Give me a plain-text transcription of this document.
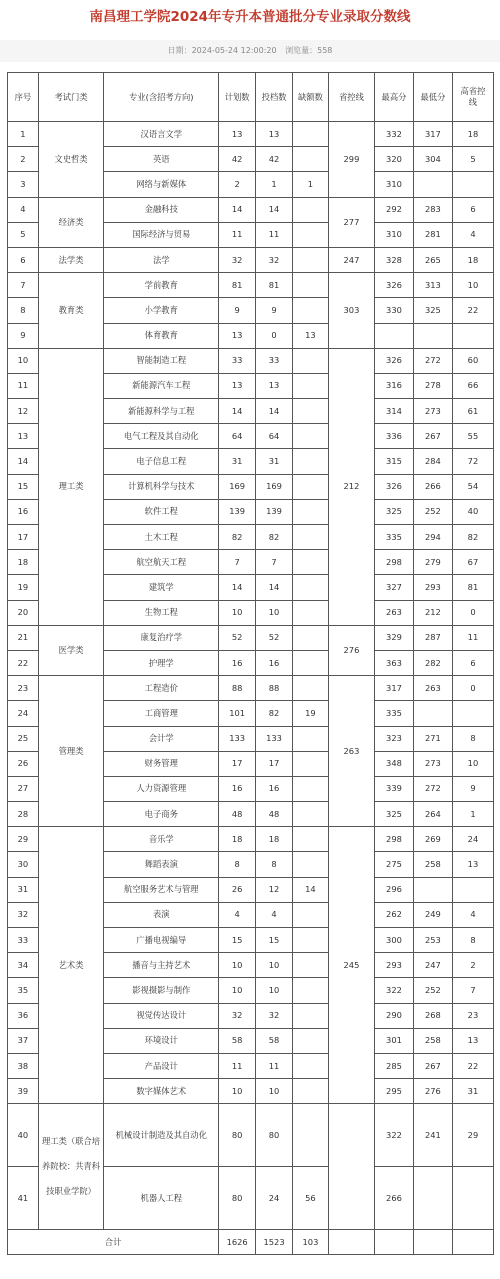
南昌理工学院2024年专升本普通批分专业录取分数线
日期：2024-05-24 12:00:20 浏览量：558
序号	考试门类	专业(含招考方向)	计划数	投档数	缺额数	省控线	最高分	最低分	高省控线
1	文史哲类	汉语言文学	13	13		299	332	317	18
2		英语	42	42			320	304	5
3		网络与新媒体	2	1	1		310		
4	经济类	金融科技	14	14		277	292	283	6
5		国际经济与贸易	11	11			310	281	4
6	法学类	法学	32	32		247	328	265	18
7	教育类	学前教育	81	81		303	326	313	10
8		小学教育	9	9			330	325	22
9		体育教育	13	0	13				
10	理工类	智能制造工程	33	33		212	326	272	60
11		新能源汽车工程	13	13			316	278	66
12		新能源科学与工程	14	14			314	273	61
13		电气工程及其自动化	64	64			336	267	55
14		电子信息工程	31	31			315	284	72
15		计算机科学与技术	169	169			326	266	54
16		软件工程	139	139			325	252	40
17		土木工程	82	82			335	294	82
18		航空航天工程	7	7			298	279	67
19		建筑学	14	14			327	293	81
20		生物工程	10	10			263	212	0
21	医学类	康复治疗学	52	52		276	329	287	11
22		护理学	16	16			363	282	6
23	管理类	工程造价	88	88		263	317	263	0
24		工商管理	101	82	19		335		
25		会计学	133	133			323	271	8
26		财务管理	17	17			348	273	10
27		人力资源管理	16	16			339	272	9
28		电子商务	48	48			325	264	1
29	艺术类	音乐学	18	18		245	298	269	24
30		舞蹈表演	8	8			275	258	13
31		航空服务艺术与管理	26	12	14		296		
32		表演	4	4			262	249	4
33		广播电视编导	15	15			300	253	8
34		播音与主持艺术	10	10			293	247	2
35		影视摄影与制作	10	10			322	252	7
36		视觉传达设计	32	32			290	268	23
37		环境设计	58	58			301	258	13
38		产品设计	11	11			285	267	22
39		数字媒体艺术	10	10			295	276	31
40	理工类（联合培养院校：共青科技职业学院）	机械设计制造及其自动化	80	80			322	241	29
41		机器人工程	80	24	56		266		
合计			1626	1523	103				
